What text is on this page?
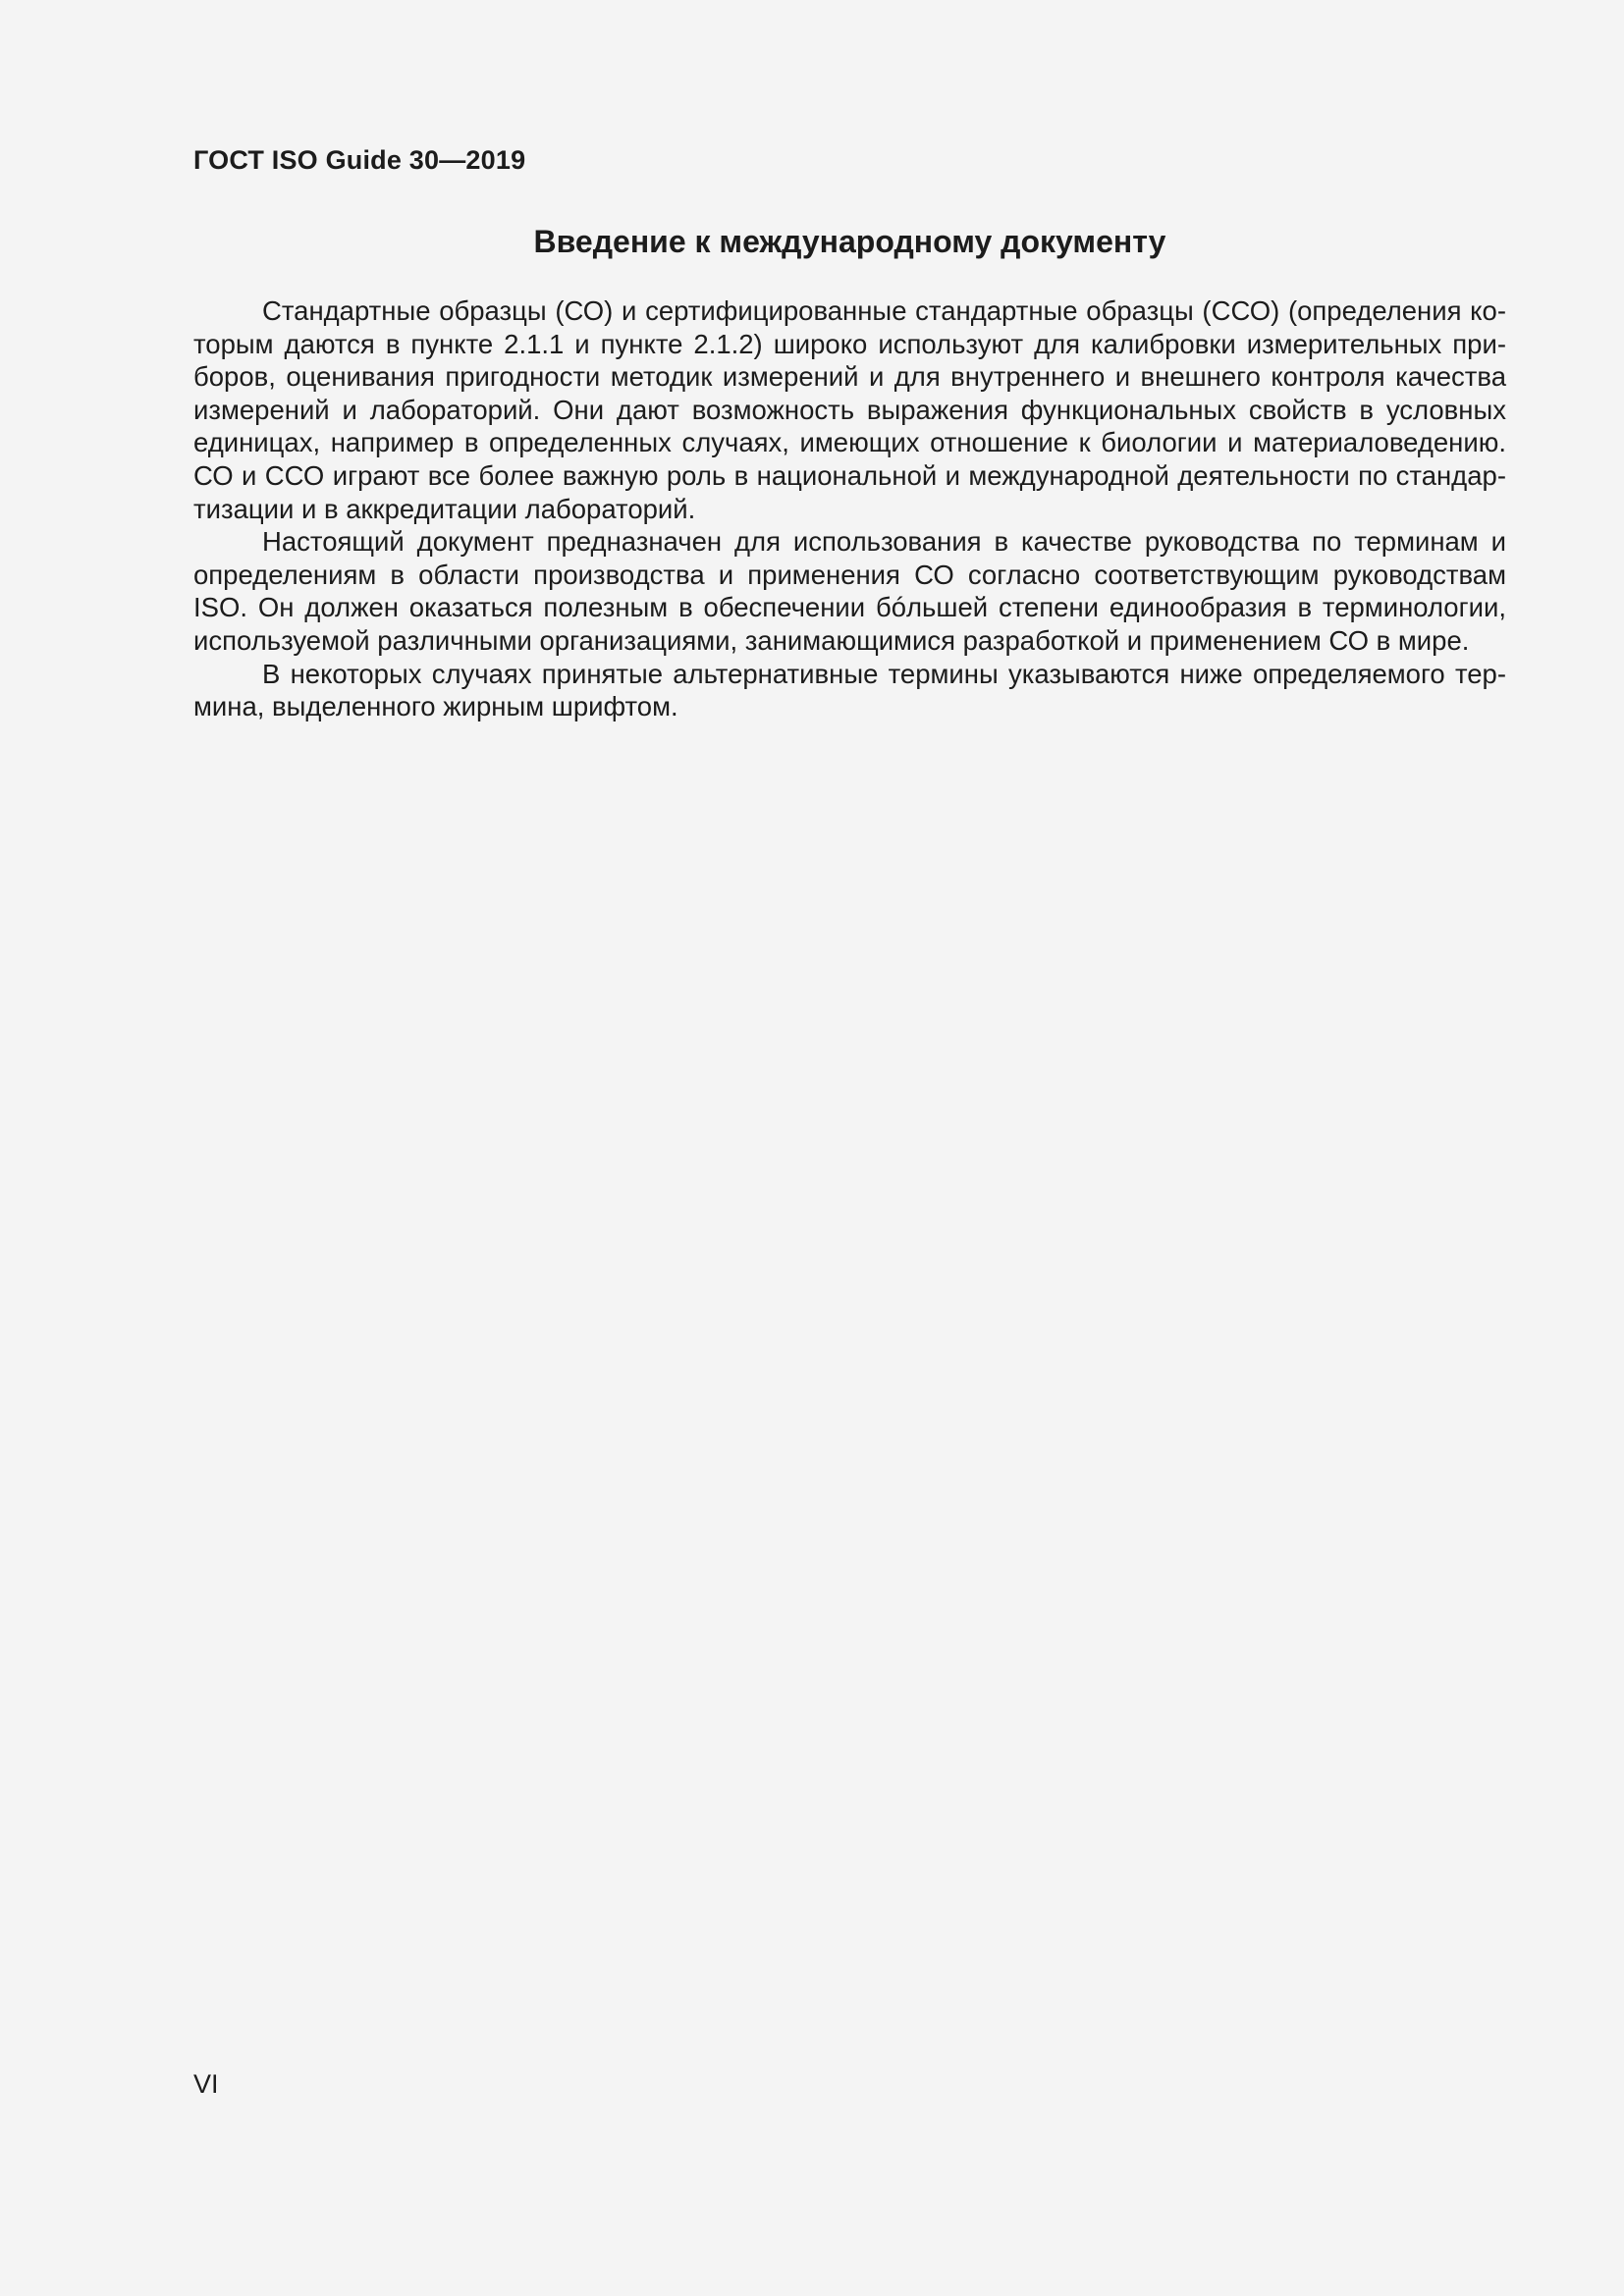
ГОСТ ISO Guide 30—2019
Введение к международному документу

Стандартные образцы (СО) и сертифицированные стандартные образцы (ССО) (определения которым даются в пункте 2.1.1 и пункте 2.1.2) широко используют для калибровки измерительных приборов, оценивания пригодности методик измерений и для внутреннего и внешнего контроля качества измерений и лабораторий. Они дают возможность выражения функциональных свойств в условных единицах, например в определенных случаях, имеющих отношение к биологии и материаловедению. СО и ССО играют все более важную роль в национальной и международной деятельности по стандартизации и в аккредитации лабораторий.

Настоящий документ предназначен для использования в качестве руководства по терминам и определениям в области производства и применения СО согласно соответствующим руководствам ISO. Он должен оказаться полезным в обеспечении бóльшей степени единообразия в терминологии, используемой различными организациями, занимающимися разработкой и применением СО в мире.

В некоторых случаях принятые альтернативные термины указываются ниже определяемого термина, выделенного жирным шрифтом.

VI
